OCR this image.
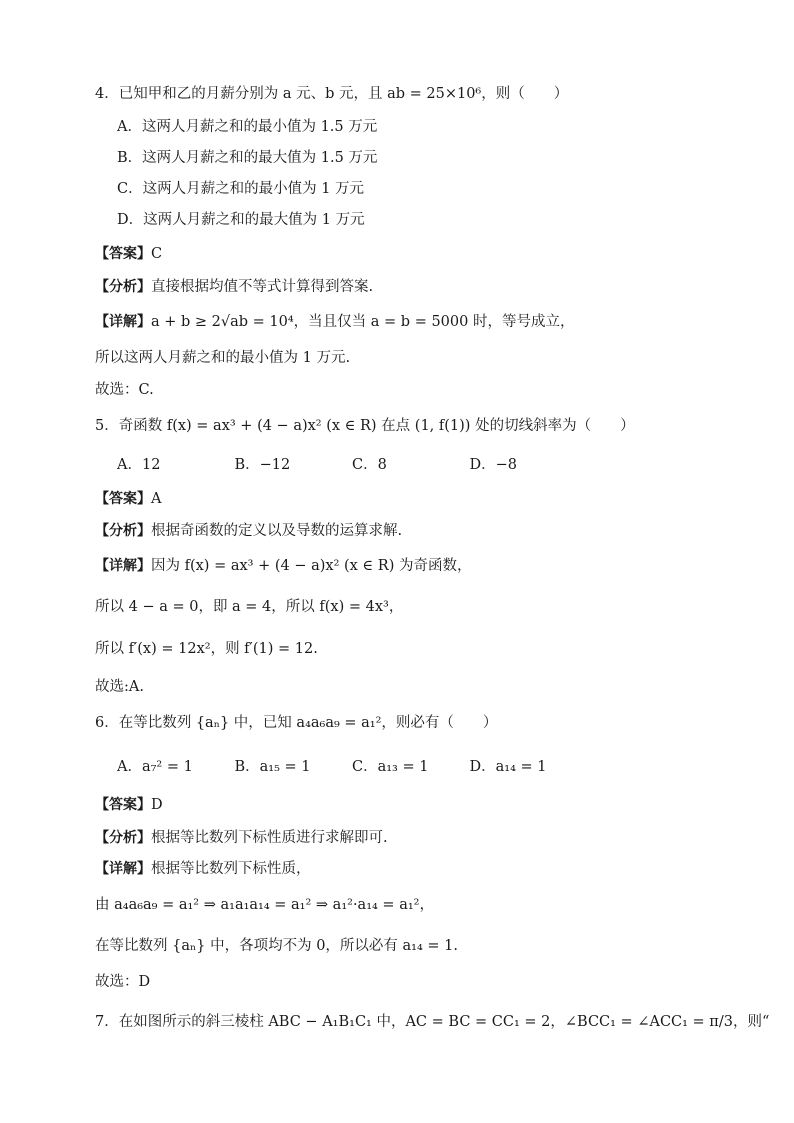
4．已知甲和乙的月薪分别为 a 元、b 元，且 ab = 25×10⁶，则（　　）
A．这两人月薪之和的最小值为 1.5 万元
B．这两人月薪之和的最大值为 1.5 万元
C．这两人月薪之和的最小值为 1 万元
D．这两人月薪之和的最大值为 1 万元
【答案】C
【分析】直接根据均值不等式计算得到答案.
【详解】a + b ≥ 2√ab = 10⁴，当且仅当 a = b = 5000 时，等号成立，
所以这两人月薪之和的最小值为 1 万元.
故选：C.
5．奇函数 f(x) = ax³ + (4 − a)x² (x ∈ R) 在点 (1, f(1)) 处的切线斜率为（　　）
A．12	B．−12	C．8	D．−8
【答案】A
【分析】根据奇函数的定义以及导数的运算求解.
【详解】因为 f(x) = ax³ + (4 − a)x² (x ∈ R) 为奇函数，
所以 4 − a = 0，即 a = 4，所以 f(x) = 4x³，
所以 f′(x) = 12x²，则 f′(1) = 12.
故选:A.
6．在等比数列 {aₙ} 中，已知 a₄a₆a₉ = a₁²，则必有（　　）
A．a₇² = 1	B．a₁₅ = 1	C．a₁₃ = 1	D．a₁₄ = 1
【答案】D
【分析】根据等比数列下标性质进行求解即可.
【详解】根据等比数列下标性质，
由 a₄a₆a₉ = a₁² ⇒ a₁a₁a₁₄ = a₁² ⇒ a₁²·a₁₄ = a₁²，
在等比数列 {aₙ} 中，各项均不为 0，所以必有 a₁₄ = 1.
故选：D
7．在如图所示的斜三棱柱 ABC − A₁B₁C₁ 中，AC = BC = CC₁ = 2，∠BCC₁ = ∠ACC₁ = π/3，则“
